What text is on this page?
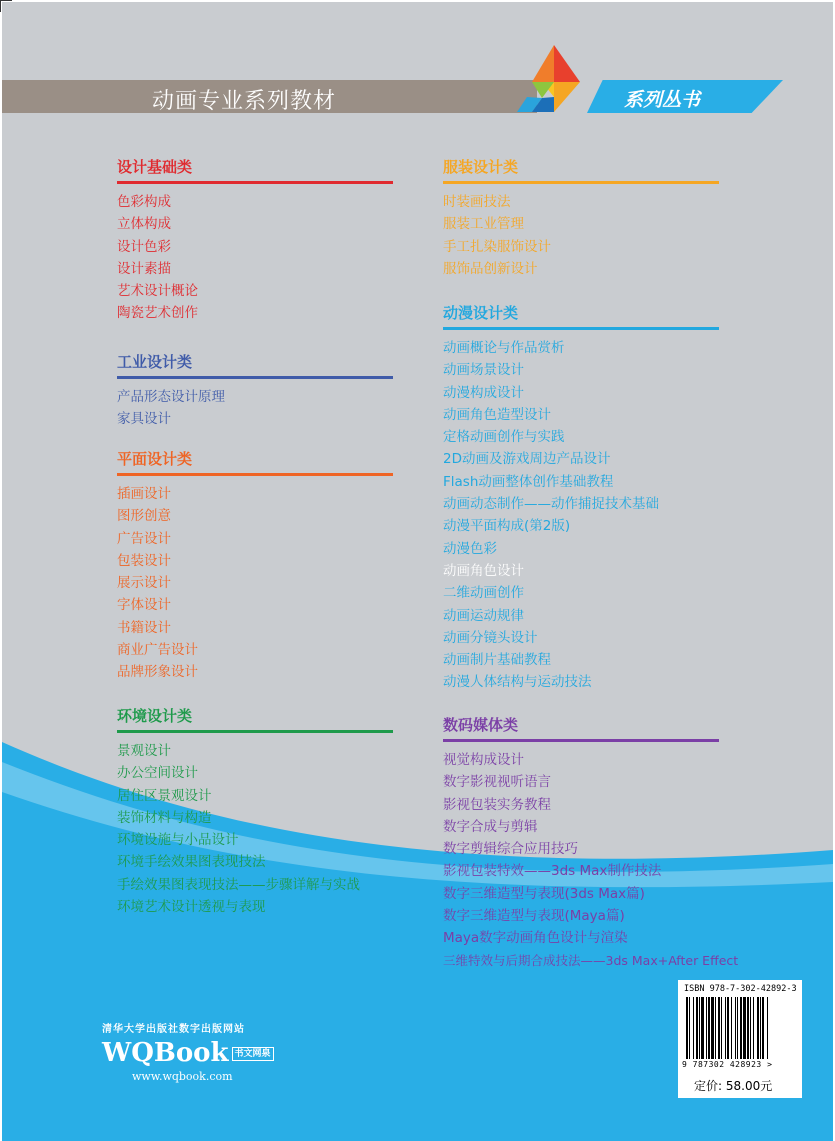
动画专业系列教材	系列丛书
设计基础类
色彩构成
立体构成
设计色彩
设计素描
艺术设计概论
陶瓷艺术创作
工业设计类
产品形态设计原理
家具设计
平面设计类
插画设计
图形创意
广告设计
包装设计
展示设计
字体设计
书籍设计
商业广告设计
品牌形象设计
环境设计类
景观设计
办公空间设计
居住区景观设计
装饰材料与构造
环境设施与小品设计
环境手绘效果图表现技法
手绘效果图表现技法——步骤详解与实战
环境艺术设计透视与表现
服装设计类
时装画技法
服装工业管理
手工扎染服饰设计
服饰品创新设计
动漫设计类
动画概论与作品赏析
动画场景设计
动漫构成设计
动画角色造型设计
定格动画创作与实践
2D动画及游戏周边产品设计
Flash动画整体创作基础教程
动画动态制作——动作捕捉技术基础
动漫平面构成(第2版)
动漫色彩
动画角色设计
二维动画创作
动画运动规律
动画分镜头设计
动画制片基础教程
动漫人体结构与运动技法
数码媒体类
视觉构成设计
数字影视视听语言
影视包装实务教程
数字合成与剪辑
数字剪辑综合应用技巧
影视包装特效——3ds Max制作技法
数字三维造型与表现(3ds Max篇)
数字三维造型与表现(Maya篇)
Maya数字动画角色设计与渲染
三维特效与后期合成技法——3ds Max+After Effect
清华大学出版社数字出版网站
WQBook 书文网泉
www.wqbook.com
ISBN 978-7-302-42892-3
9 787302 428923 >
定价: 58.00元
